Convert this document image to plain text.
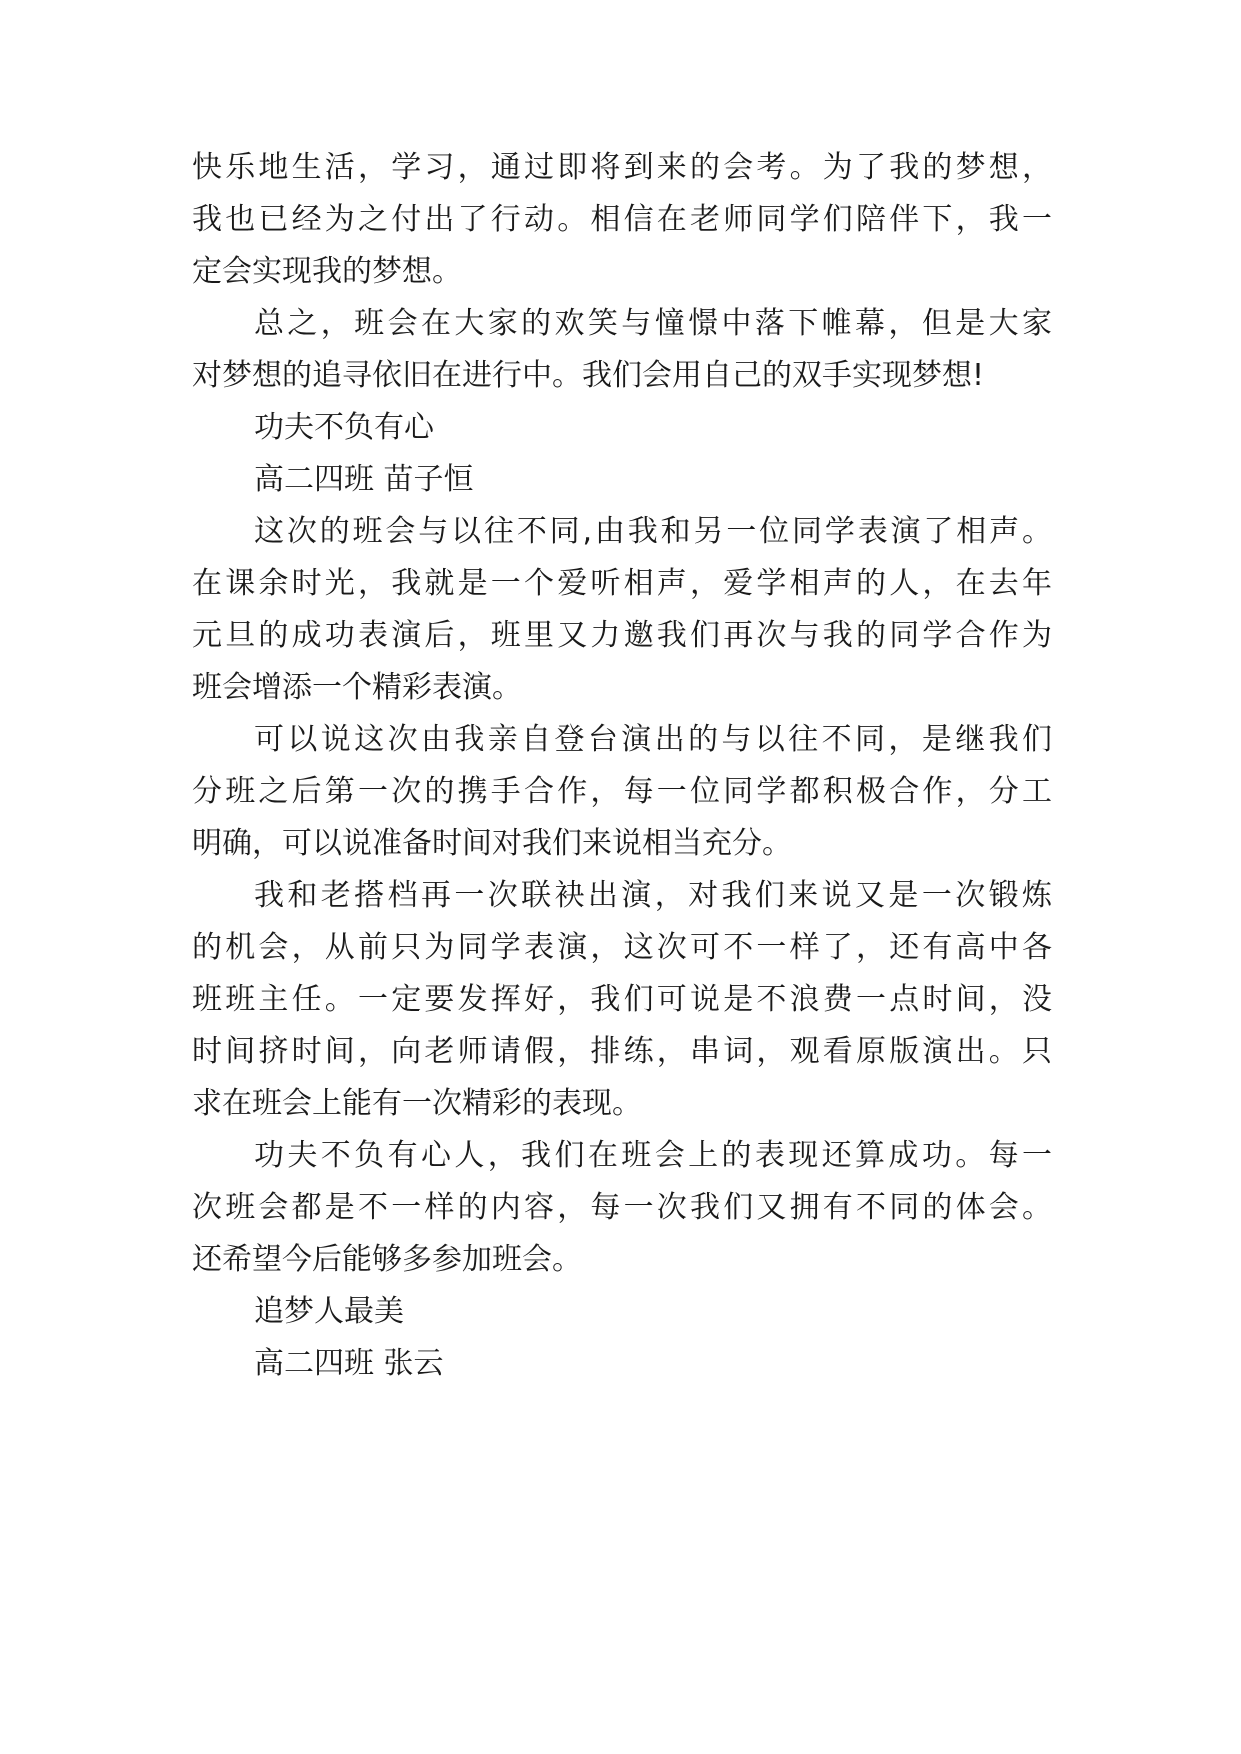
快乐地生活，学习，通过即将到来的会考。为了我的梦想，
我也已经为之付出了行动。相信在老师同学们陪伴下，我一
定会实现我的梦想。
总之，班会在大家的欢笑与憧憬中落下帷幕，但是大家
对梦想的追寻依旧在进行中。我们会用自己的双手实现梦想!
功夫不负有心
高二四班 苗子恒
这次的班会与以往不同,由我和另一位同学表演了相声。
在课余时光，我就是一个爱听相声，爱学相声的人，在去年
元旦的成功表演后，班里又力邀我们再次与我的同学合作为
班会增添一个精彩表演。
可以说这次由我亲自登台演出的与以往不同，是继我们
分班之后第一次的携手合作，每一位同学都积极合作，分工
明确，可以说准备时间对我们来说相当充分。
我和老搭档再一次联袂出演，对我们来说又是一次锻炼
的机会，从前只为同学表演，这次可不一样了，还有高中各
班班主任。一定要发挥好，我们可说是不浪费一点时间，没
时间挤时间，向老师请假，排练，串词，观看原版演出。只
求在班会上能有一次精彩的表现。
功夫不负有心人，我们在班会上的表现还算成功。每一
次班会都是不一样的内容，每一次我们又拥有不同的体会。
还希望今后能够多参加班会。
追梦人最美
高二四班 张云
